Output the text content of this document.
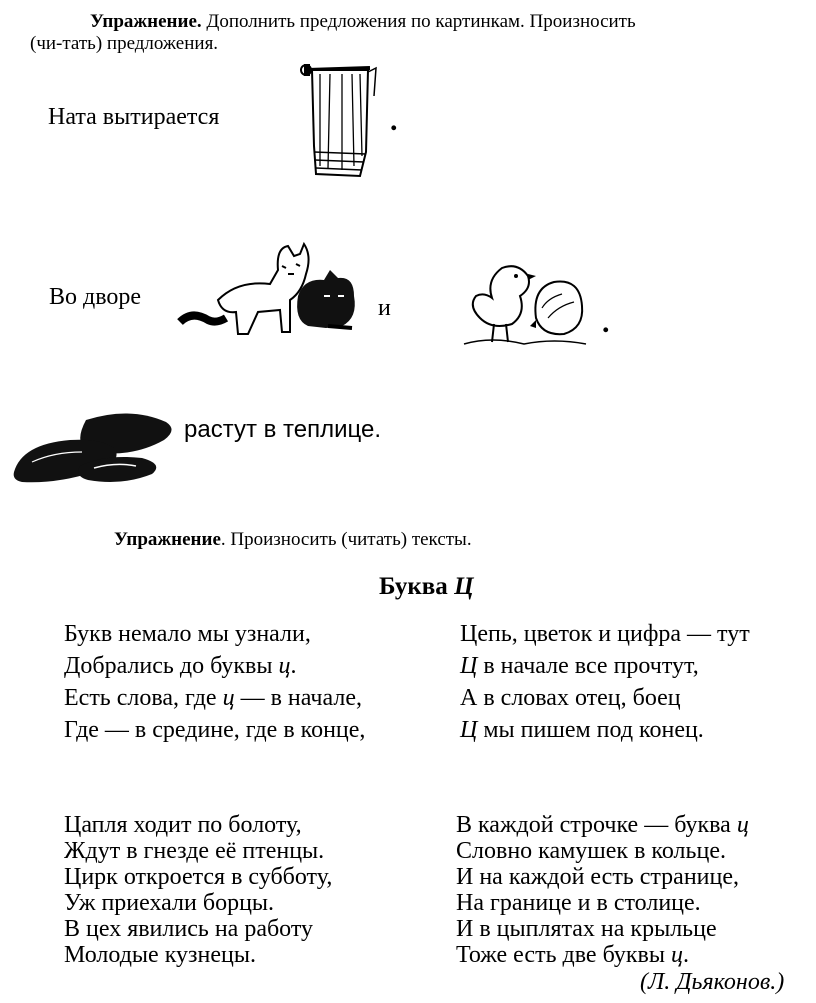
Упражнение. Дополнить предложения по картинкам. Произносить
(чи-тать) предложения.
Ната вытирается	.
Во дворе	и	.
растут в теплице.
Упражнение. Произносить (читать) тексты.
Буква Ц
Букв немало мы узнали,
Добрались до буквы ц.
Есть слова, где ц — в начале,
Где — в средине, где в конце,
Цепь, цветок и цифра — тут
Ц в начале все прочтут,
А в словах отец, боец
Ц мы пишем под конец.
Цапля ходит по болоту,
Ждут в гнезде её птенцы.
Цирк откроется в субботу,
Уж приехали борцы.
В цех явились на работу
Молодые кузнецы.
В каждой строчке — буква ц
Словно камушек в кольце.
И на каждой есть странице,
На границе и в столице.
И в цыплятах на крыльце
Тоже есть две буквы ц.
(Л. Дьяконов.)
